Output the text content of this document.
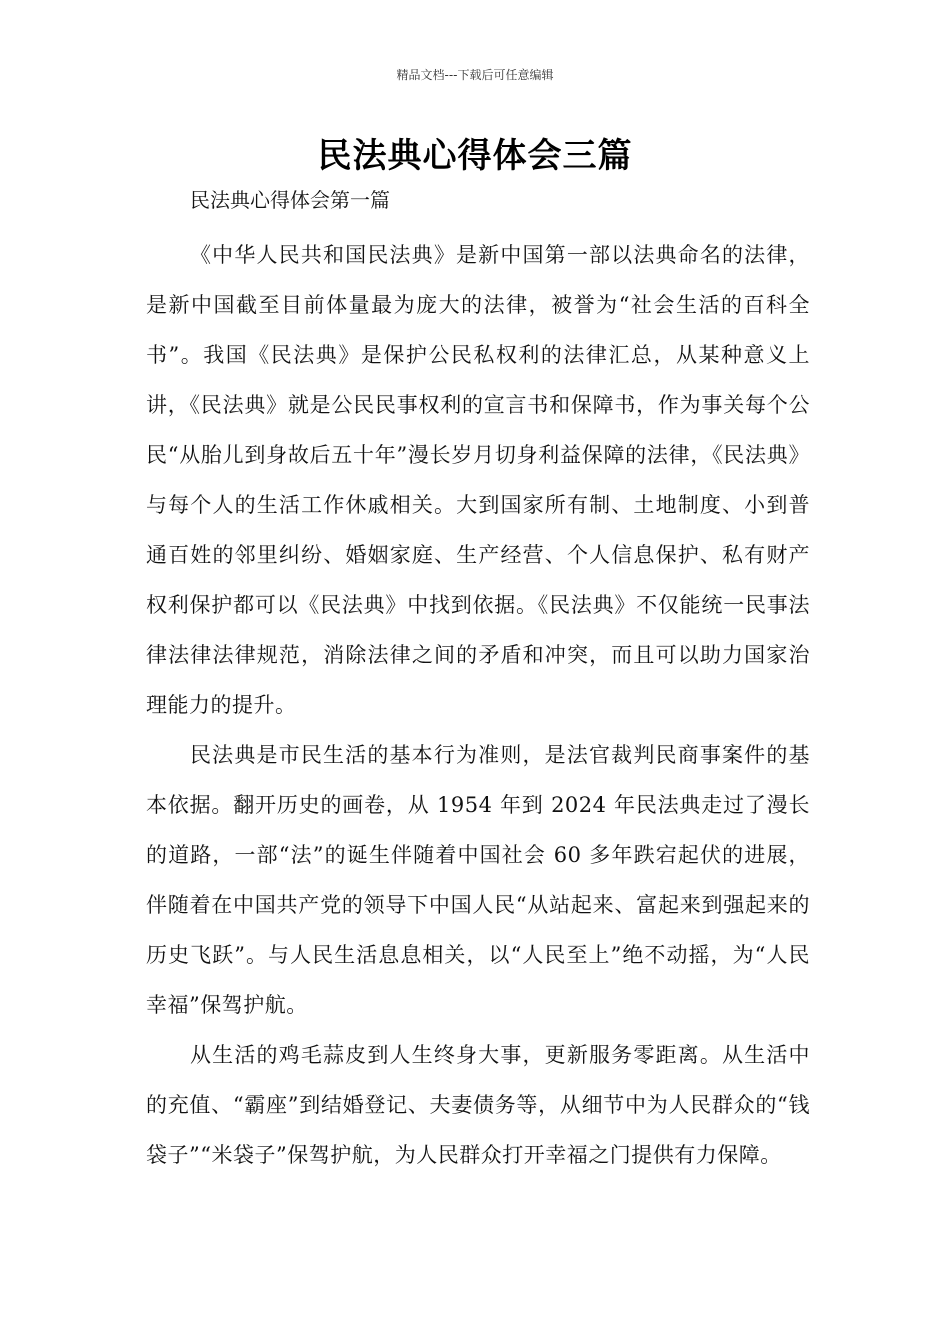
精品文档---下载后可任意编辑
民法典心得体会三篇
民法典心得体会第一篇

《中华人民共和国民法典》是新中国第一部以法典命名的法律，是新中国截至目前体量最为庞大的法律，被誉为“社会生活的百科全书”。我国《民法典》是保护公民私权利的法律汇总，从某种意义上讲，《民法典》就是公民民事权利的宣言书和保障书，作为事关每个公民“从胎儿到身故后五十年”漫长岁月切身利益保障的法律，《民法典》与每个人的生活工作休戚相关。大到国家所有制、土地制度、小到普通百姓的邻里纠纷、婚姻家庭、生产经营、个人信息保护、私有财产权利保护都可以《民法典》中找到依据。《民法典》不仅能统一民事法律法律法律规范，消除法律之间的矛盾和冲突，而且可以助力国家治理能力的提升。

民法典是市民生活的基本行为准则，是法官裁判民商事案件的基本依据。翻开历史的画卷，从 1954 年到 2024 年民法典走过了漫长的道路，一部“法”的诞生伴随着中国社会 60 多年跌宕起伏的进展，伴随着在中国共产党的领导下中国人民“从站起来、富起来到强起来的历史飞跃”。与人民生活息息相关，以“人民至上”绝不动摇，为“人民幸福”保驾护航。

从生活的鸡毛蒜皮到人生终身大事，更新服务零距离。从生活中的充值、“霸座”到结婚登记、夫妻债务等，从细节中为人民群众的“钱袋子”“米袋子”保驾护航，为人民群众打开幸福之门提供有力保障。
